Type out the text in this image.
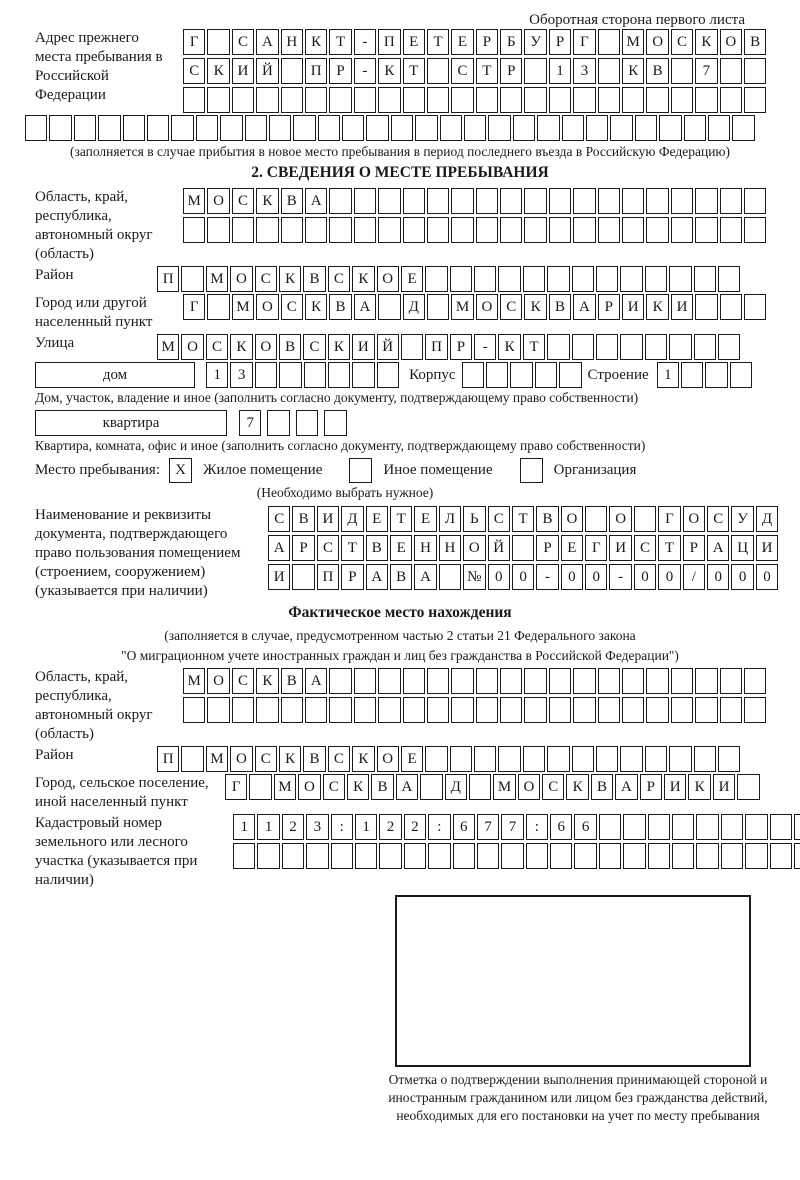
Оборотная сторона первого листа
Адрес прежнего места пребывания в Российской Федерации
Г	С А Н К Т	-	П Е	Т	Е	Р	Б У Р	Г	М О С К О В
С К И Й	П Р	-	К Т	С Т	Р	1	3	К В	7
(заполняется в случае прибытия в новое место пребывания в период последнего въезда в Российскую Федерацию)
2. СВЕДЕНИЯ О МЕСТЕ ПРЕБЫВАНИЯ
Область, край, республика, автономный округ (область)
М О С К В А
Район	П	М О С К В С К О Е
Город или другой населенный пункт
Г	М О С К В А	Д	М О С К В А Р И К И
Улица	М О С К О В С К И Й	П Р	-	К Т
дом	1	3	Корпус	Строение	1
Дом, участок, владение и иное (заполнить согласно документу, подтверждающему право собственности)
квартира	7
Квартира, комната, офис и иное (заполнить согласно документу, подтверждающему право собственности)
Место пребывания:	X	Жилое помещение	Иное помещение	Организация
(Необходимо выбрать нужное)
Наименование и реквизиты документа, подтверждающего право пользования помещением (строением, сооружением) (указывается при наличии)
С В И Д Е	Т	Е Л Ь	С Т В О	О	Г О С У Д
А Р	С Т В Е Н Н О Й	Р	Е	Г И С Т	Р А Ц И
И	П Р А В А	№ 0	0	-	0	0	-	0	0	/	0	0	0
Фактическое место нахождения
(заполняется в случае, предусмотренном частью 2 статьи 21 Федерального закона
"О миграционном учете иностранных граждан и лиц без гражданства в Российской Федерации")
Область, край, республика, автономный округ (область)
М О С К В А
Район	П	М О С К В С К О Е
Город, сельское поселение, иной населенный пункт
Г	М О С К В А	Д	М О С К В А Р И К И
Кадастровый номер земельного или лесного участка (указывается при наличии)
1	1	2	3	:	1	2	2	:	6	7	7	:	6	6
Отметка о подтверждении выполнения принимающей стороной и иностранным гражданином или лицом без гражданства действий, необходимых для его постановки на учет по месту пребывания
